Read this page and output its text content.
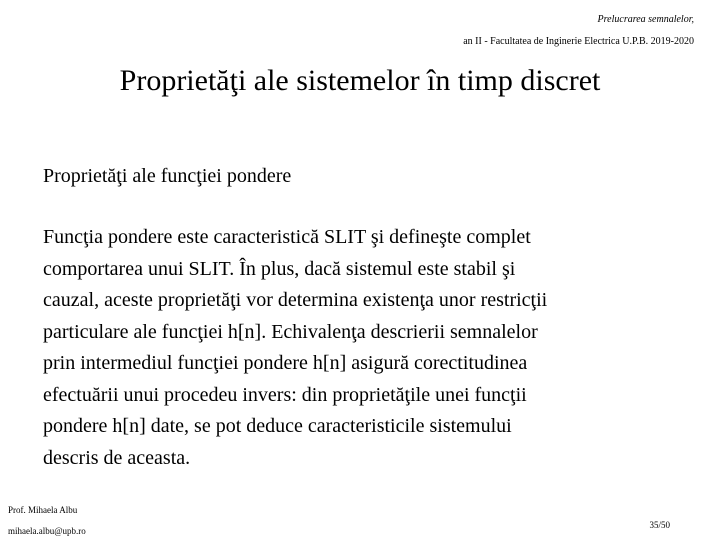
Prelucrarea semnalelor,
an II - Facultatea de Inginerie Electrica U.P.B. 2019-2020
Proprietăţi ale sistemelor în timp discret
Proprietăţi ale funcţiei pondere
Funcţia pondere este caracteristică SLIT şi defineşte complet
comportarea unui SLIT. În plus, dacă sistemul este stabil şi
cauzal, aceste proprietăţi vor determina existenţa unor restricţii
particulare ale funcţiei h[n]. Echivalenţa descrierii semnalelor
prin intermediul funcţiei pondere h[n] asigură corectitudinea
efectuării unui procedeu invers: din proprietăţile unei funcţii
pondere h[n] date, se pot deduce caracteristicile sistemului
descris de aceasta.
Prof. Mihaela Albu
mihaela.albu@upb.ro
35/50
